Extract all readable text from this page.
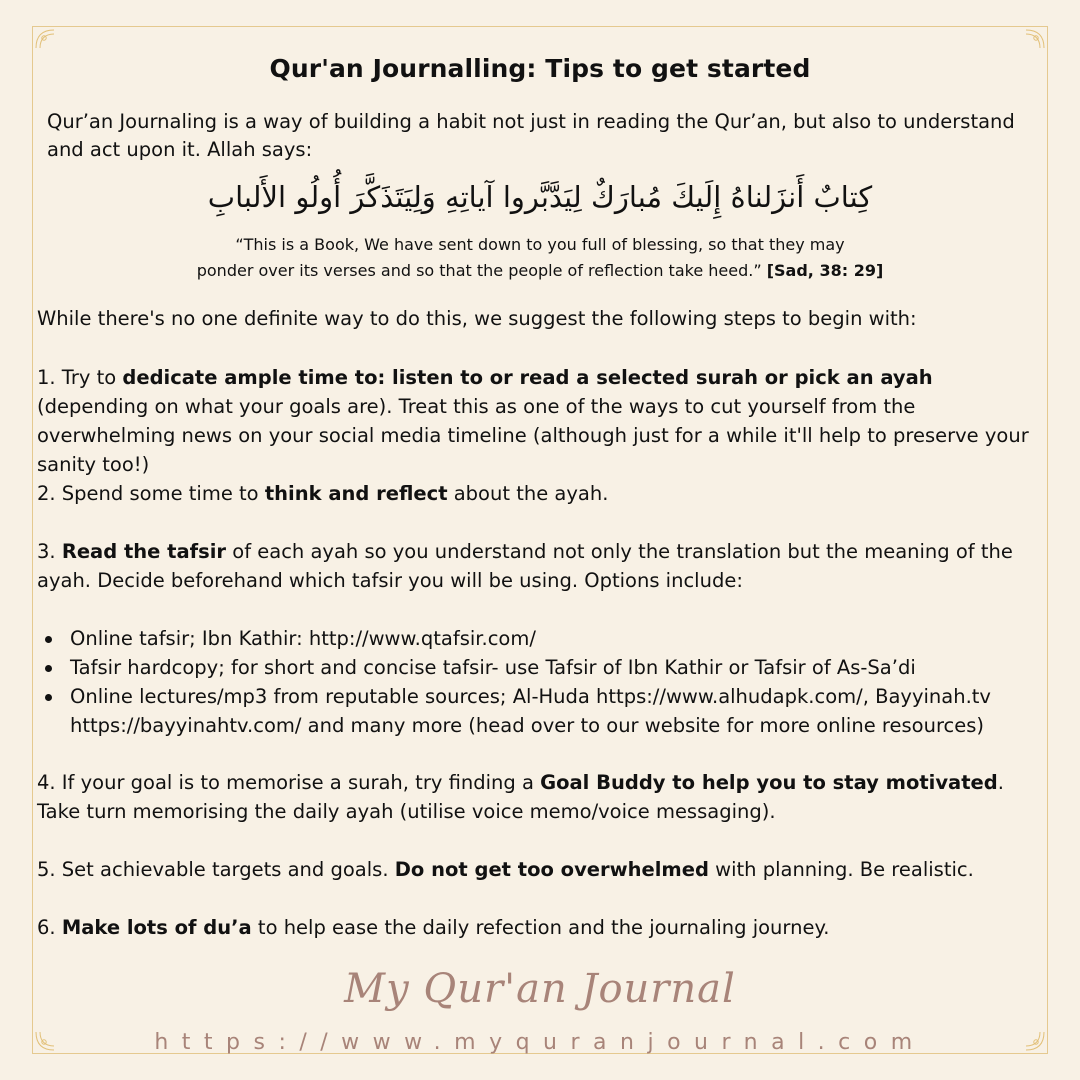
Qur'an Journalling: Tips to get started
Qur’an Journaling is a way of building a habit not just in reading the Qur’an, but also to understand and act upon it. Allah says:
كِتابٌ أَنزَلناهُ إِلَيكَ مُبارَكٌ لِيَدَّبَّروا آياتِهِ وَلِيَتَذَكَّرَ أُولُو الأَلبابِ
“This is a Book, We have sent down to you full of blessing, so that they may
ponder over its verses and so that the people of reflection take heed.” [Sad, 38: 29]
While there's no one definite way to do this, we suggest the following steps to begin with:
1. Try to dedicate ample time to: listen to or read a selected surah or pick an ayah (depending on what your goals are). Treat this as one of the ways to cut yourself from the overwhelming news on your social media timeline (although just for a while it'll help to preserve your sanity too!)
2. Spend some time to think and reflect about the ayah.
3. Read the tafsir of each ayah so you understand not only the translation but the meaning of the ayah. Decide beforehand which tafsir you will be using. Options include:
Online tafsir; Ibn Kathir: http://www.qtafsir.com/
Tafsir hardcopy; for short and concise tafsir- use Tafsir of Ibn Kathir or Tafsir of As-Sa’di
Online lectures/mp3 from reputable sources; Al-Huda https://www.alhudapk.com/, Bayyinah.tv https://bayyinahtv.com/ and many more (head over to our website for more online resources)
4. If your goal is to memorise a surah, try finding a Goal Buddy to help you to stay motivated. Take turn memorising the daily ayah (utilise voice memo/voice messaging).
5. Set achievable targets and goals. Do not get too overwhelmed with planning. Be realistic.
6. Make lots of du’a to help ease the daily refection and the journaling journey.
My Qur'an Journal
https://www.myquranjournal.com
